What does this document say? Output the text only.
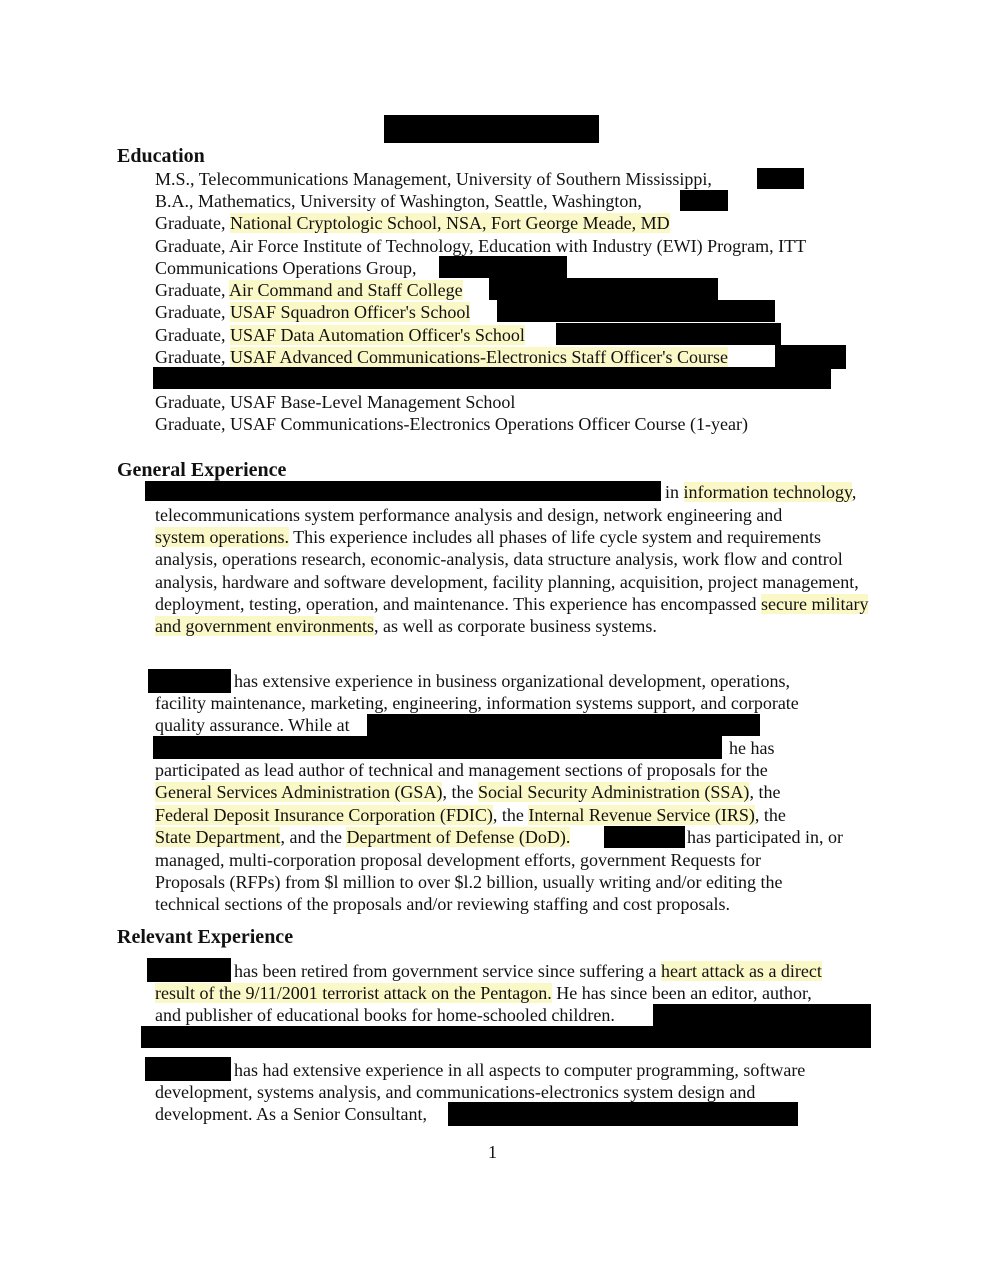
Education
M.S., Telecommunications Management, University of Southern Mississippi,
B.A., Mathematics, University of Washington, Seattle, Washington,
Graduate, National Cryptologic School, NSA, Fort George Meade, MD
Graduate, Air Force Institute of Technology, Education with Industry (EWI) Program, ITT
Communications Operations Group,
Graduate, Air Command and Staff College
Graduate, USAF Squadron Officer's School
Graduate, USAF Data Automation Officer's School
Graduate, USAF Advanced Communications-Electronics Staff Officer's Course
Graduate, USAF Base-Level Management School
Graduate, USAF Communications-Electronics Operations Officer Course (1-year)
General Experience
in information technology,
telecommunications system performance analysis and design, network engineering and
system operations. This experience includes all phases of life cycle system and requirements analysis, operations research, economic-analysis, data structure analysis, work flow and control analysis, hardware and software development, facility planning, acquisition, project management, deployment, testing, operation, and maintenance. This experience has encompassed secure military and government environments, as well as corporate business systems.
has extensive experience in business organizational development, operations,
facility maintenance, marketing, engineering, information systems support, and corporate
quality assurance. While at
he has
participated as lead author of technical and management sections of proposals for the
General Services Administration (GSA), the Social Security Administration (SSA), the
Federal Deposit Insurance Corporation (FDIC), the Internal Revenue Service (IRS), the
State Department, and the Department of Defense (DoD).	has participated in, or
managed, multi-corporation proposal development efforts, government Requests for
Proposals (RFPs) from $l million to over $l.2 billion, usually writing and/or editing the
technical sections of the proposals and/or reviewing staffing and cost proposals.
Relevant Experience
has been retired from government service since suffering a heart attack as a direct
result of the 9/11/2001 terrorist attack on the Pentagon. He has since been an editor, author,
and publisher of educational books for home-schooled children.
has had extensive experience in all aspects to computer programming, software
development, systems analysis, and communications-electronics system design and
development. As a Senior Consultant,
1
